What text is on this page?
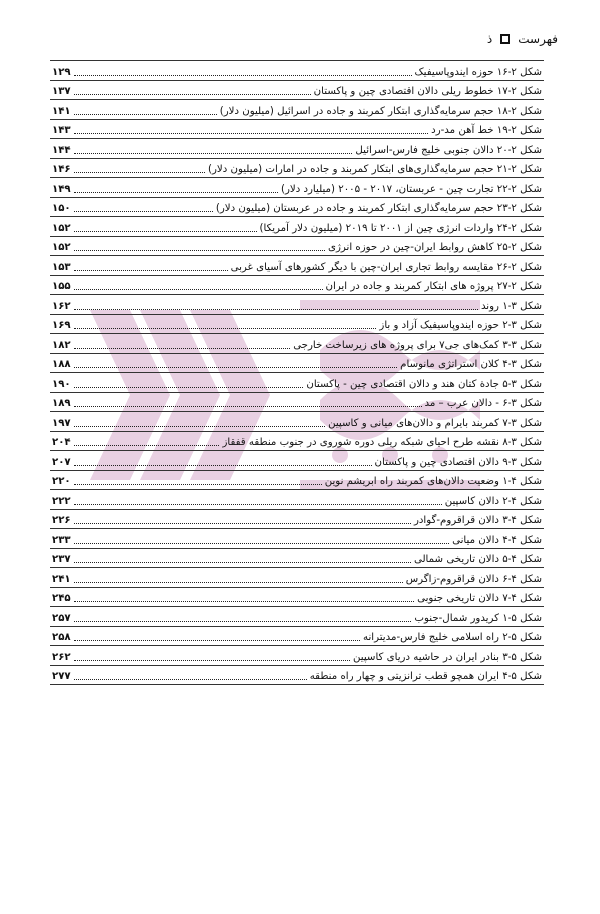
فهرست
ذ
شکل ۲-۱۶ حوزه ایندوپاسیفیک
۱۲۹
شکل ۲-۱۷ خطوط ریلی دالان اقتصادی چین و پاکستان
۱۳۷
شکل ۲-۱۸ حجم سرمایه‌گذاری ابتکار کمربند و جاده در اسرائیل (میلیون دلار)
۱۴۱
شکل ۲-۱۹ خط آهن مد-رد
۱۴۳
شکل ۲-۲۰ دالان جنوبی خلیج فارس-اسرائیل
۱۴۴
شکل ۲-۲۱ حجم سرمایه‌گذاری‌های ابتکار کمربند و جاده در امارات (میلیون دلار)
۱۴۶
شکل ۲-۲۲ تجارت چین - عربستان، ۲۰۱۷ - ۲۰۰۵ (میلیارد دلار)
۱۴۹
شکل ۲-۲۳ حجم سرمایه‌گذاری ابتکار کمربند و جاده در عربستان (میلیون دلار)
۱۵۰
شکل ۲-۲۴ واردات انرژی چین از ۲۰۰۱ تا ۲۰۱۹ (میلیون دلار آمریکا)
۱۵۲
شکل ۲-۲۵ کاهش روابط ایران-چین در حوزه انرژی
۱۵۲
شکل ۲-۲۶ مقایسه روابط تجاری ایران-چین با دیگر کشورهای آسیای غربی
۱۵۳
شکل ۲-۲۷ پروژه های ابتکار کمربند و جاده در ایران
۱۵۵
شکل ۳-۱ روند
۱۶۲
شکل ۳-۲ حوزه ایندوپاسیفیک آزاد و باز
۱۶۹
شکل ۳-۳ کمک‌های جی۷ برای پروژه های زیرساخت خارجی
۱۸۲
شکل ۳-۴ کلان استراتژی مانوسام
۱۸۸
شکل ۳-۵ جادة کتان هند و دالان اقتصادی چین - پاکستان
۱۹۰
شکل ۳-۶ - دالان عرب – مد
۱۸۹
شکل ۳-۷ کمربند بایرام و دالان‌های میانی و کاسپین
۱۹۷
شکل ۳-۸ نقشه طرح احیای شبکه ریلی دوره شوروی در جنوب منطقه قفقاز
۲۰۴
شکل ۳-۹ دالان اقتصادی چین و پاکستان
۲۰۷
شکل ۴-۱ وضعیت دالان‌های کمربند راه ابریشم نوین
۲۲۰
شکل ۴-۲ دالان کاسپین
۲۲۲
شکل ۴-۳ دالان قراقروم-گوادر
۲۲۶
شکل ۴-۴ دالان میانی
۲۳۳
شکل ۴-۵ دالان تاریخی شمالی
۲۳۷
شکل ۴-۶ دالان قراقروم-زاگرس
۲۴۱
شکل ۴-۷ دالان تاریخی جنوبی
۲۴۵
شکل ۵-۱ کریدور شمال-جنوب
۲۵۷
شکل ۵-۲ راه اسلامی خلیج فارس-مدیترانه
۲۵۸
شکل ۵-۳ بنادر ایران در حاشیه دریای کاسپین
۲۶۲
شکل ۵-۴ ایران همچو قطب ترانزیتی و چهار راه منطقه
۲۷۷
